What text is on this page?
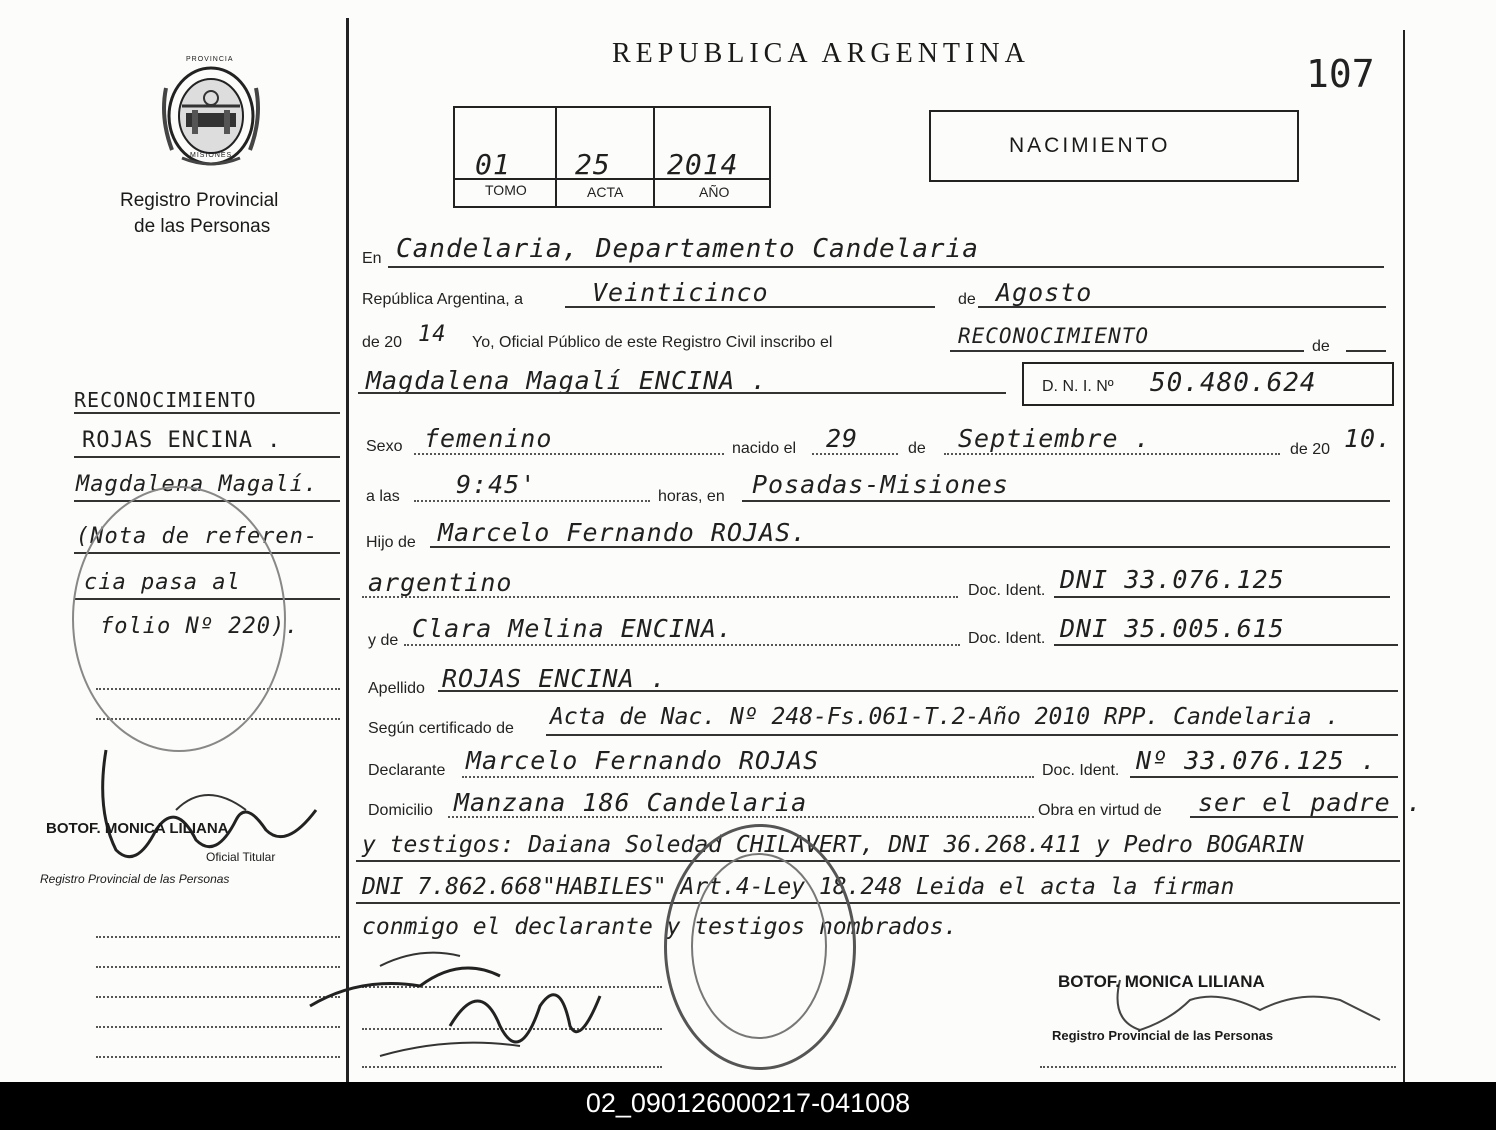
PROVINCIA
MISIONES
Registro Provincial
de las Personas
REPUBLICA ARGENTINA	107
01 25 2014
TOMO	ACTA	AÑO
NACIMIENTO
En Candelaria, Departamento Candelaria
República Argentina, a	Veinticinco	de Agosto
de 20 14 Yo, Oficial Público de este Registro Civil inscribo el	RECONOCIMIENTO	de
Magdalena Magalí ENCINA .	D. N. I. Nº 50.480.624
Sexo femenino	nacido el 29	de Septiembre .	de 20 10.
a las 9:45'	horas, en Posadas-Misiones
Hijo de Marcelo Fernando ROJAS.
argentino	Doc. Ident. DNI 33.076.125
y de Clara Melina ENCINA.	Doc. Ident. DNI 35.005.615
Apellido ROJAS ENCINA .
Según certificado de Acta de Nac. Nº 248-Fs.061-T.2-Año 2010 RPP. Candelaria .
Declarante Marcelo Fernando ROJAS	Doc. Ident. Nº 33.076.125 .
Domicilio Manzana 186 Candelaria	Obra en virtud de ser el padre .
y testigos: Daiana Soledad CHILAVERT, DNI 36.268.411 y Pedro BOGARIN
DNI 7.862.668"HABILES" Art.4-Ley 18.248 Leida el acta la firman
conmigo el declarante y testigos nombrados.
RECONOCIMIENTO
ROJAS ENCINA .
Magdalena Magalí.
(Nota de referen-
cia pasa al
folio Nº 220).
BOTOF. MONICA LILIANA
Oficial Titular
Registro Provincial de las Personas
BOTOF. MONICA LILIANA
Registro Provincial de las Personas
02_090126000217-041008
